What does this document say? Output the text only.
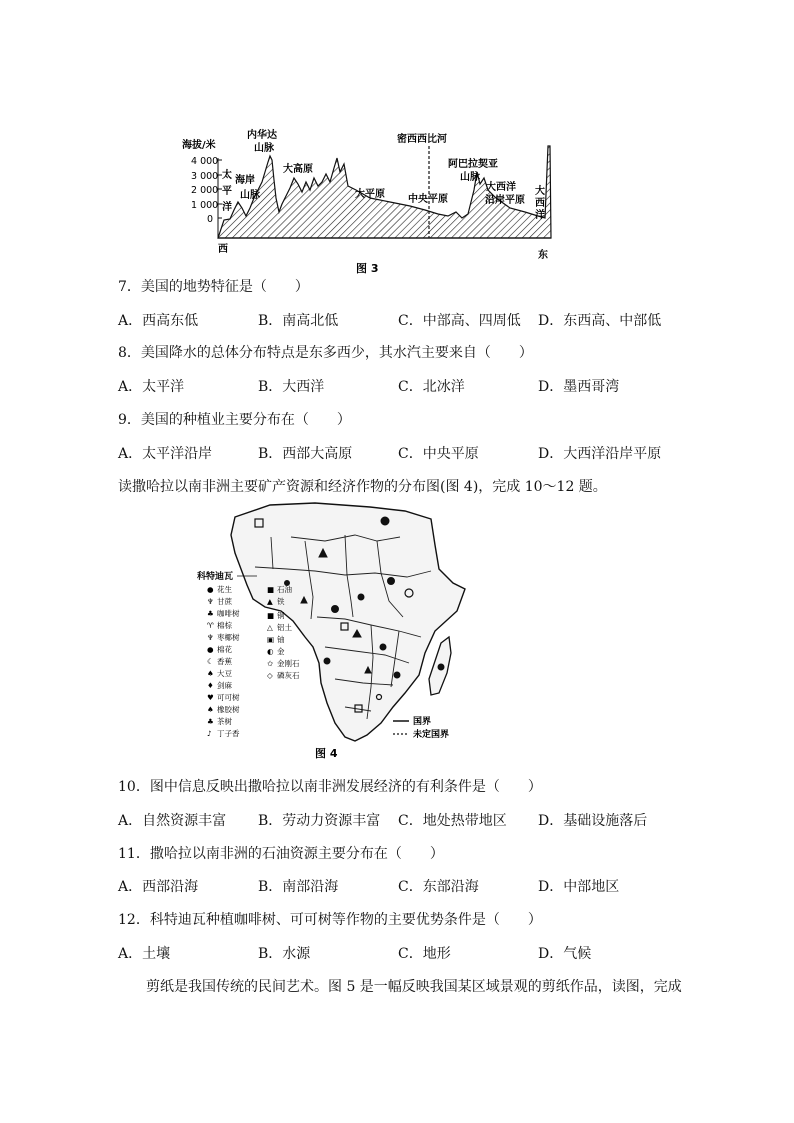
海拔/米
4 000
3 000
2 000
1 000
0
太
平
洋
海岸
山脉
内华达
山脉
大高原
密西西比河
大平原 中央平原
阿巴拉契亚
山脉
大西洋
沿岸平原
大
西
洋
西
东
图 3
7．美国的地势特征是（　　）
A．西高东低	B．南高北低	C．中部高、四周低 D．东西高、中部低
8．美国降水的总体分布特点是东多西少，其水汽主要来自（　　）
A．太平洋	B．大西洋	C．北冰洋	D．墨西哥湾
9．美国的种植业主要分布在（　　）
A．太平洋沿岸	B．西部大高原	C．中央平原	D．大西洋沿岸平原
读撒哈拉以南非洲主要矿产资源和经济作物的分布图(图 4)，完成 10～12 题。
科特迪瓦
● 花生
♆ 甘蔗
♣ 咖啡树
♈ 棉棕
♆ 枣椰树
● 棉花
☾ 香蕉
♠ 大豆
♦ 剑麻
♥ 可可树
♠ 橡胶树
♣ 茶树
♪ 丁子香
■ 石油
▲ 铁
■ 铜
△ 铝土
▣ 铀
◐ 金
✩ 金刚石
◇ 磷灰石
国界
未定国界
图 4
10．图中信息反映出撒哈拉以南非洲发展经济的有利条件是（　　）
A．自然资源丰富 B．劳动力资源丰富 C．地处热带地区 D．基础设施落后
11．撒哈拉以南非洲的石油资源主要分布在（　　）
A．西部沿海	B．南部沿海	C．东部沿海	D．中部地区
12．科特迪瓦种植咖啡树、可可树等作物的主要优势条件是（　　）
A．土壤	B．水源	C．地形	D．气候
剪纸是我国传统的民间艺术。图 5 是一幅反映我国某区域景观的剪纸作品，读图，完成
